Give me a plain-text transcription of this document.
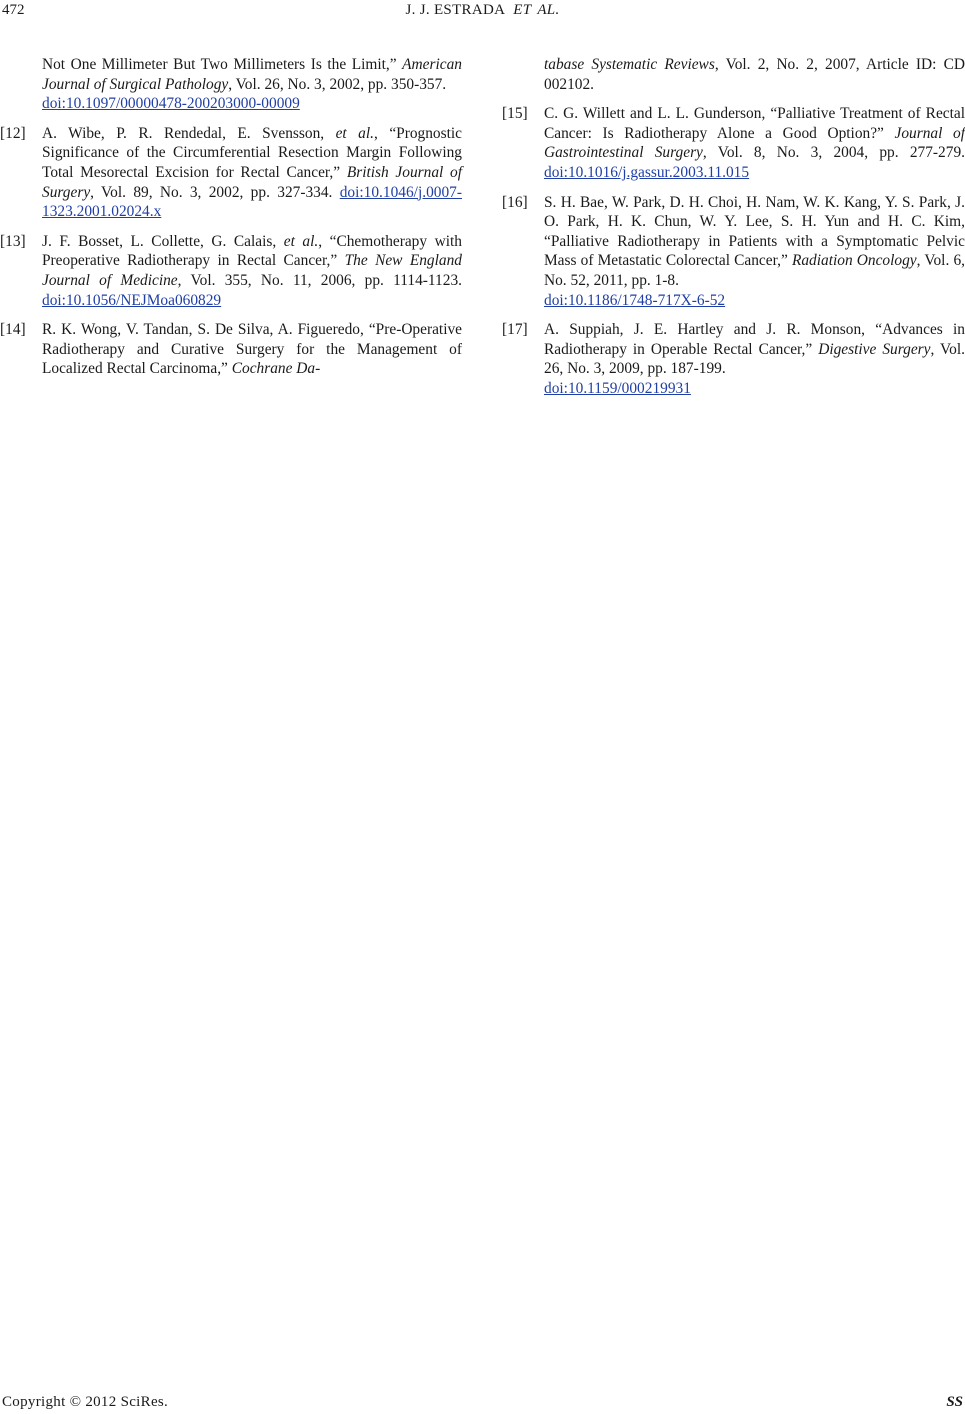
472	J. J. ESTRADA ET AL.
Not One Millimeter But Two Millimeters Is the Limit,” American Journal of Surgical Pathology, Vol. 26, No. 3, 2002, pp. 350-357.
doi:10.1097/00000478-200203000-00009
[12] A. Wibe, P. R. Rendedal, E. Svensson, et al., “Prognostic Significance of the Circumferential Resection Margin Following Total Mesorectal Excision for Rectal Cancer,” British Journal of Surgery, Vol. 89, No. 3, 2002, pp. 327-334. doi:10.1046/j.0007-1323.2001.02024.x
[13] J. F. Bosset, L. Collette, G. Calais, et al., “Chemotherapy with Preoperative Radiotherapy in Rectal Cancer,” The New England Journal of Medicine, Vol. 355, No. 11, 2006, pp. 1114-1123. doi:10.1056/NEJMoa060829
[14] R. K. Wong, V. Tandan, S. De Silva, A. Figueredo, “Pre-Operative Radiotherapy and Curative Surgery for the Management of Localized Rectal Carcinoma,” Cochrane Da-
tabase Systematic Reviews, Vol. 2, No. 2, 2007, Article ID: CD 002102.
[15] C. G. Willett and L. L. Gunderson, “Palliative Treatment of Rectal Cancer: Is Radiotherapy Alone a Good Option?” Journal of Gastrointestinal Surgery, Vol. 8, No. 3, 2004, pp. 277-279. doi:10.1016/j.gassur.2003.11.015
[16] S. H. Bae, W. Park, D. H. Choi, H. Nam, W. K. Kang, Y. S. Park, J. O. Park, H. K. Chun, W. Y. Lee, S. H. Yun and H. C. Kim, “Palliative Radiotherapy in Patients with a Symptomatic Pelvic Mass of Metastatic Colorectal Cancer,” Radiation Oncology, Vol. 6, No. 52, 2011, pp. 1-8.
doi:10.1186/1748-717X-6-52
[17] A. Suppiah, J. E. Hartley and J. R. Monson, “Advances in Radiotherapy in Operable Rectal Cancer,” Digestive Surgery, Vol. 26, No. 3, 2009, pp. 187-199.
doi:10.1159/000219931
Copyright © 2012 SciRes.	SS
